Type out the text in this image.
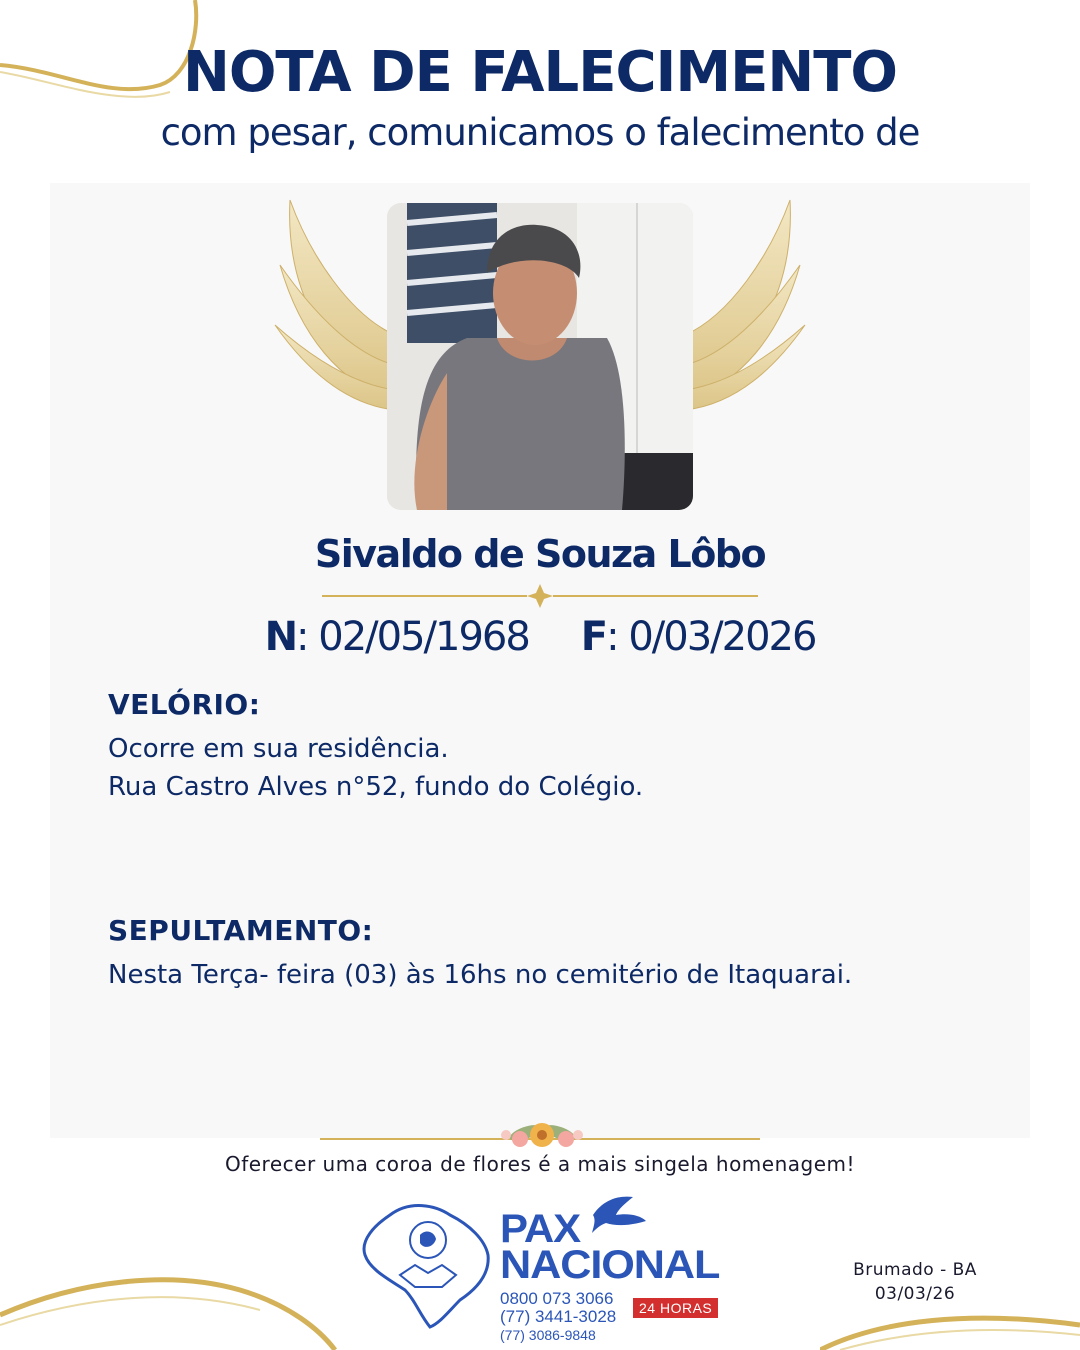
NOTA DE FALECIMENTO
com pesar, comunicamos o falecimento de
Sivaldo de Souza Lôbo
N: 02/05/1968 F: 0/03/2026
VELÓRIO:
Ocorre em sua residência.
Rua Castro Alves n°52, fundo do Colégio.
SEPULTAMENTO:
Nesta Terça- feira (03) às 16hs no cemitério de Itaquarai.
Oferecer uma coroa de flores é a mais singela homenagem!
PAX
NACIONAL
0800 073 3066
(77) 3441-3028
(77) 3086-9848
24 HORAS
Brumado - BA
03/03/26
